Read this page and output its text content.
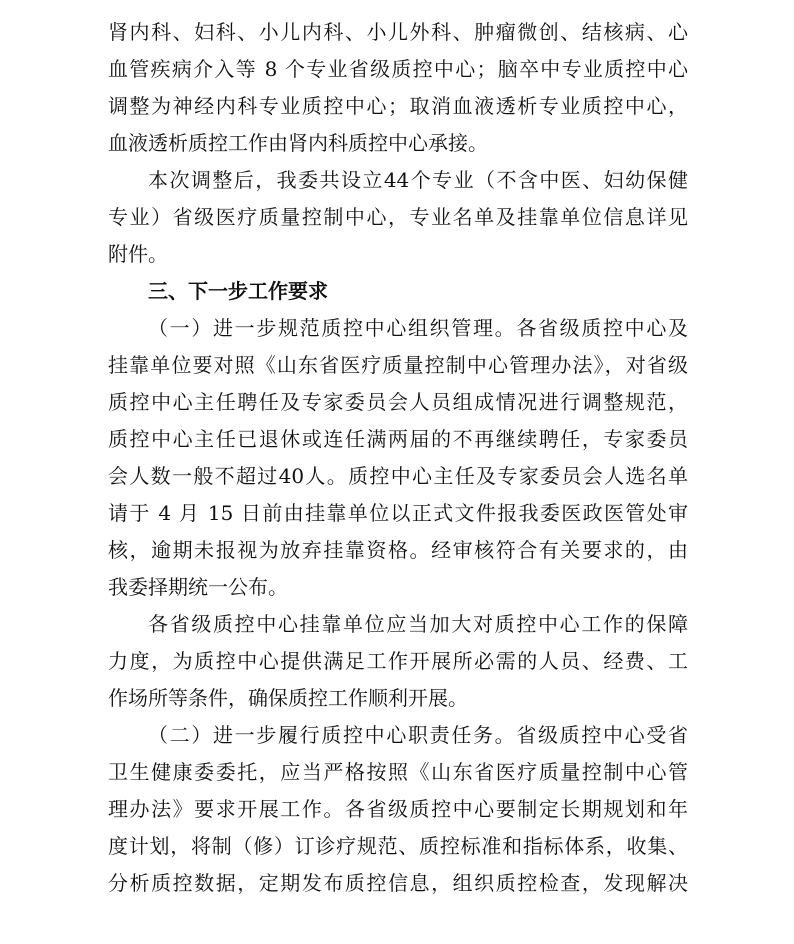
肾内科、妇科、小儿内科、小儿外科、肿瘤微创、结核病、心
血管疾病介入等 8 个专业省级质控中心；脑卒中专业质控中心
调整为神经内科专业质控中心；取消血液透析专业质控中心，
血液透析质控工作由肾内科质控中心承接。
本次调整后，我委共设立44个专业（不含中医、妇幼保健
专业）省级医疗质量控制中心，专业名单及挂靠单位信息详见
附件。
三、下一步工作要求
（一）进一步规范质控中心组织管理。各省级质控中心及
挂靠单位要对照《山东省医疗质量控制中心管理办法》，对省级
质控中心主任聘任及专家委员会人员组成情况进行调整规范，
质控中心主任已退休或连任满两届的不再继续聘任，专家委员
会人数一般不超过40人。质控中心主任及专家委员会人选名单
请于 4 月 15 日前由挂靠单位以正式文件报我委医政医管处审
核，逾期未报视为放弃挂靠资格。经审核符合有关要求的，由
我委择期统一公布。
各省级质控中心挂靠单位应当加大对质控中心工作的保障
力度，为质控中心提供满足工作开展所必需的人员、经费、工
作场所等条件，确保质控工作顺利开展。
（二）进一步履行质控中心职责任务。省级质控中心受省
卫生健康委委托，应当严格按照《山东省医疗质量控制中心管
理办法》要求开展工作。各省级质控中心要制定长期规划和年
度计划，将制（修）订诊疗规范、质控标准和指标体系，收集、
分析质控数据，定期发布质控信息，组织质控检查，发现解决
